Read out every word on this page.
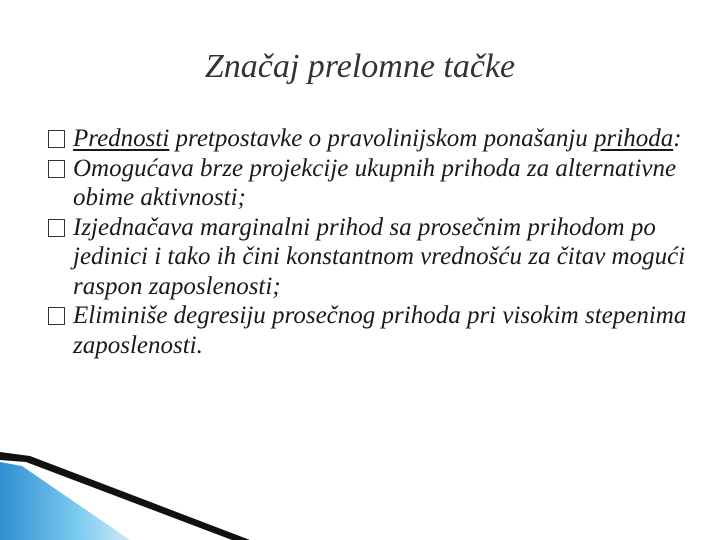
Značaj prelomne tačke
Prednosti pretpostavke o pravolinijskom ponašanju prihoda:
Omogućava brze projekcije ukupnih prihoda za alternativne obime aktivnosti;
Izjednačava marginalni prihod sa prosečnim prihodom po jedinici i tako ih čini konstantnom vrednošću za čitav mogući raspon zaposlenosti;
Eliminiše degresiju prosečnog prihoda pri visokim stepenima zaposlenosti.
